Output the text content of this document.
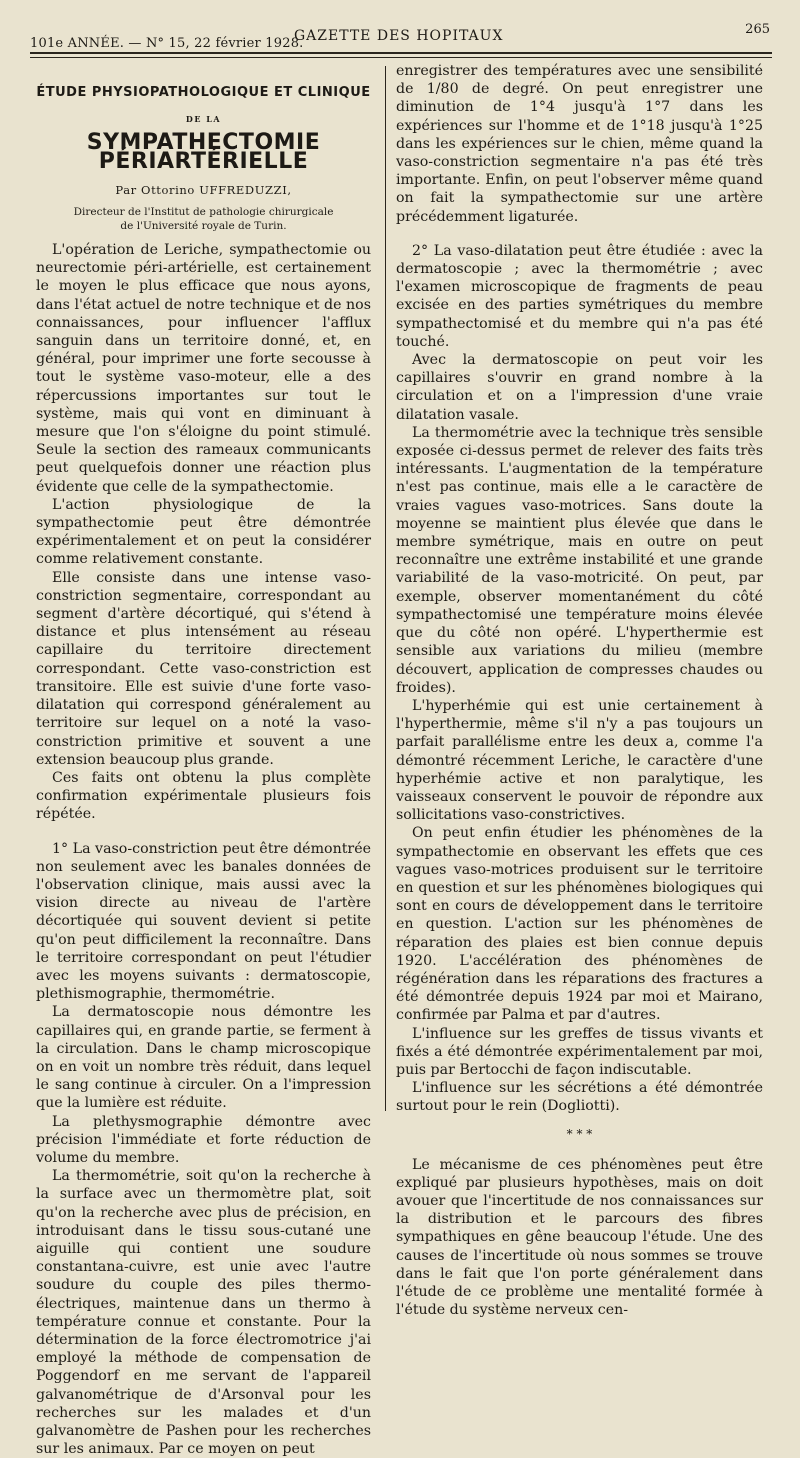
101e ANNÉE. — N° 15, 22 février 1928.
GAZETTE DES HOPITAUX	265
ÉTUDE PHYSIOPATHOLOGIQUE ET CLINIQUE
DE LA
SYMPATHECTOMIE PÉRIARTÉRIELLE
Par Ottorino UFFREDUZZI,
Directeur de l'Institut de pathologie chirurgicale
de l'Université royale de Turin.

L'opération de Leriche, sympathectomie ou neurectomie péri-artérielle, est certainement le moyen le plus efficace que nous ayons, dans l'état actuel de notre technique et de nos connaissances, pour influencer l'afflux sanguin dans un territoire donné, et, en général, pour imprimer une forte secousse à tout le système vaso-moteur, elle a des répercussions importantes sur tout le système, mais qui vont en diminuant à mesure que l'on s'éloigne du point stimulé. Seule la section des rameaux communicants peut quelquefois donner une réaction plus évidente que celle de la sympathectomie.

L'action physiologique de la sympathectomie peut être démontrée expérimentalement et on peut la considérer comme relativement constante.

Elle consiste dans une intense vaso-constriction segmentaire, correspondant au segment d'artère décortiqué, qui s'étend à distance et plus intensément au réseau capillaire du territoire directement correspondant. Cette vaso-constriction est transitoire. Elle est suivie d'une forte vaso-dilatation qui correspond généralement au territoire sur lequel on a noté la vaso-constriction primitive et souvent a une extension beaucoup plus grande.

Ces faits ont obtenu la plus complète confirmation expérimentale plusieurs fois répétée.

1° La vaso-constriction peut être démontrée non seulement avec les banales données de l'observation clinique, mais aussi avec la vision directe au niveau de l'artère décortiquée qui souvent devient si petite qu'on peut difficilement la reconnaître. Dans le territoire correspondant on peut l'étudier avec les moyens suivants : dermatoscopie, plethismographie, thermométrie.

La dermatoscopie nous démontre les capillaires qui, en grande partie, se ferment à la circulation. Dans le champ microscopique on en voit un nombre très réduit, dans lequel le sang continue à circuler. On a l'impression que la lumière est réduite.

La plethysmographie démontre avec précision l'immédiate et forte réduction de volume du membre.

La thermométrie, soit qu'on la recherche à la surface avec un thermomètre plat, soit qu'on la recherche avec plus de précision, en introduisant dans le tissu sous-cutané une aiguille qui contient une soudure constantana-cuivre, est unie avec l'autre soudure du couple des piles thermo-électriques, maintenue dans un thermo à température connue et constante. Pour la détermination de la force électromotrice j'ai employé la méthode de compensation de Poggendorf en me servant de l'appareil galvanométrique de d'Arsonval pour les recherches sur les malades et d'un galvanomètre de Pashen pour les recherches sur les animaux. Par ce moyen on peut

enregistrer des températures avec une sensibilité de 1/80 de degré. On peut enregistrer une diminution de 1°4 jusqu'à 1°7 dans les expériences sur l'homme et de 1°18 jusqu'à 1°25 dans les expériences sur le chien, même quand la vaso-constriction segmentaire n'a pas été très importante. Enfin, on peut l'observer même quand on fait la sympathectomie sur une artère précédemment ligaturée.

2° La vaso-dilatation peut être étudiée : avec la dermatoscopie ; avec la thermométrie ; avec l'examen microscopique de fragments de peau excisée en des parties symétriques du membre sympathectomisé et du membre qui n'a pas été touché.

Avec la dermatoscopie on peut voir les capillaires s'ouvrir en grand nombre à la circulation et on a l'impression d'une vraie dilatation vasale.

La thermométrie avec la technique très sensible exposée ci-dessus permet de relever des faits très intéressants. L'augmentation de la température n'est pas continue, mais elle a le caractère de vraies vagues vaso-motrices. Sans doute la moyenne se maintient plus élevée que dans le membre symétrique, mais en outre on peut reconnaître une extrême instabilité et une grande variabilité de la vaso-motricité. On peut, par exemple, observer momentanément du côté sympathectomisé une température moins élevée que du côté non opéré. L'hyperthermie est sensible aux variations du milieu (membre découvert, application de compresses chaudes ou froides).

L'hyperhémie qui est unie certainement à l'hyperthermie, même s'il n'y a pas toujours un parfait parallélisme entre les deux a, comme l'a démontré récemment Leriche, le caractère d'une hyperhémie active et non paralytique, les vaisseaux conservent le pouvoir de répondre aux sollicitations vaso-constrictives.

On peut enfin étudier les phénomènes de la sympathectomie en observant les effets que ces vagues vaso-motrices produisent sur le territoire en question et sur les phénomènes biologiques qui sont en cours de développement dans le territoire en question. L'action sur les phénomènes de réparation des plaies est bien connue depuis 1920. L'accélération des phénomènes de régénération dans les réparations des fractures a été démontrée depuis 1924 par moi et Mairano, confirmée par Palma et par d'autres.

L'influence sur les greffes de tissus vivants et fixés a été démontrée expérimentalement par moi, puis par Bertocchi de façon indiscutable.

L'influence sur les sécrétions a été démontrée surtout pour le rein (Dogliotti).

* * *

Le mécanisme de ces phénomènes peut être expliqué par plusieurs hypothèses, mais on doit avouer que l'incertitude de nos connaissances sur la distribution et le parcours des fibres sympathiques en gêne beaucoup l'étude. Une des causes de l'incertitude où nous sommes se trouve dans le fait que l'on porte généralement dans l'étude de ce problème une mentalité formée à l'étude du système nerveux cen-
